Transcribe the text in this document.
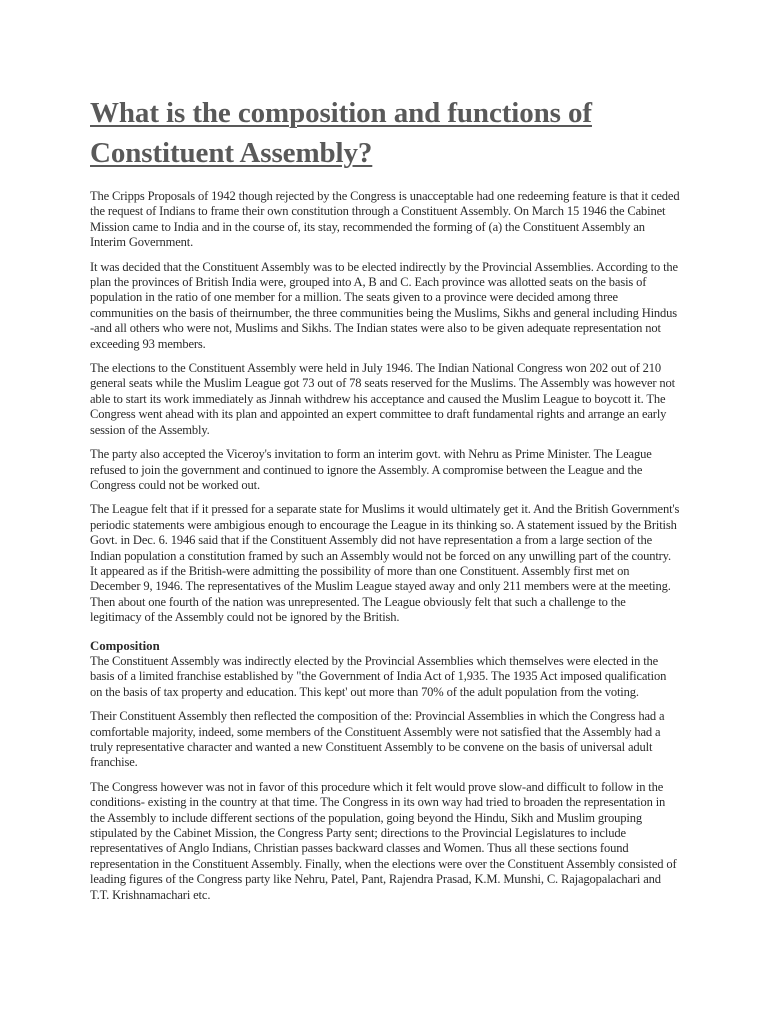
What is the composition and functions of Constituent Assembly?

The Cripps Proposals of 1942 though rejected by the Congress is unacceptable had one redeeming feature is that it ceded the request of Indians to frame their own constitution through a Constituent Assembly. On March 15 1946 the Cabinet Mission came to India and in the course of, its stay, recommended the forming of (a) the Constituent Assembly an Interim Government.

It was decided that the Constituent Assembly was to be elected indirectly by the Provincial Assemblies. According to the plan the provinces of British India were, grouped into A, B and C. Each province was allotted seats on the basis of population in the ratio of one member for a million. The seats given to a province were decided among three communities on the basis of theirnumber, the three communities being the Muslims, Sikhs and general including Hindus -and all others who were not, Muslims and Sikhs. The Indian states were also to be given adequate representation not exceeding 93 members.

The elections to the Constituent Assembly were held in July 1946. The Indian National Congress won 202 out of 210 general seats while the Muslim League got 73 out of 78 seats reserved for the Muslims. The Assembly was however not able to start its work immediately as Jinnah withdrew his acceptance and caused the Muslim League to boycott it. The Congress went ahead with its plan and appointed an expert committee to draft fundamental rights and arrange an early session of the Assembly.

The party also accepted the Viceroy's invitation to form an interim govt. with Nehru as Prime Minister. The League refused to join the government and continued to ignore the Assembly. A compromise between the League and the Congress could not be worked out.

The League felt that if it pressed for a separate state for Muslims it would ultimately get it. And the British Government's periodic statements were ambigious enough to encourage the League in its thinking so. A statement issued by the British Govt. in Dec. 6. 1946 said that if the Constituent Assembly did not have representation a from a large section of the Indian population a constitution framed by such an Assembly would not be forced on any unwilling part of the country. It appeared as if the British-were admitting the possibility of more than one Constituent. Assembly first met on December 9, 1946. The representatives of the Muslim League stayed away and only 211 members were at the meeting. Then about one fourth of the nation was unrepresented. The League obviously felt that such a challenge to the legitimacy of the Assembly could not be ignored by the British.

Composition

The Constituent Assembly was indirectly elected by the Provincial Assemblies which themselves were elected in the basis of a limited franchise established by "the Government of India Act of 1,935. The 1935 Act imposed qualification on the basis of tax property and education. This kept' out more than 70% of the adult population from the voting.

Their Constituent Assembly then reflected the composition of the: Provincial Assemblies in which the Congress had a comfortable majority, indeed, some members of the Constituent Assembly were not satisfied that the Assembly had a truly representative character and wanted a new Constituent Assembly to be convene on the basis of universal adult franchise.

The Congress however was not in favor of this procedure which it felt would prove slow-and difficult to follow in the conditions- existing in the country at that time. The Congress in its own way had tried to broaden the representation in the Assembly to include different sections of the population, going beyond the Hindu, Sikh and Muslim grouping stipulated by the Cabinet Mission, the Congress Party sent; directions to the Provincial Legislatures to include representatives of Anglo Indians, Christian passes backward classes and Women. Thus all these sections found representation in the Constituent Assembly. Finally, when the elections were over the Constituent Assembly consisted of leading figures of the Congress party like Nehru, Patel, Pant, Rajendra Prasad, K.M. Munshi, C. Rajagopalachari and T.T. Krishnamachari etc.
